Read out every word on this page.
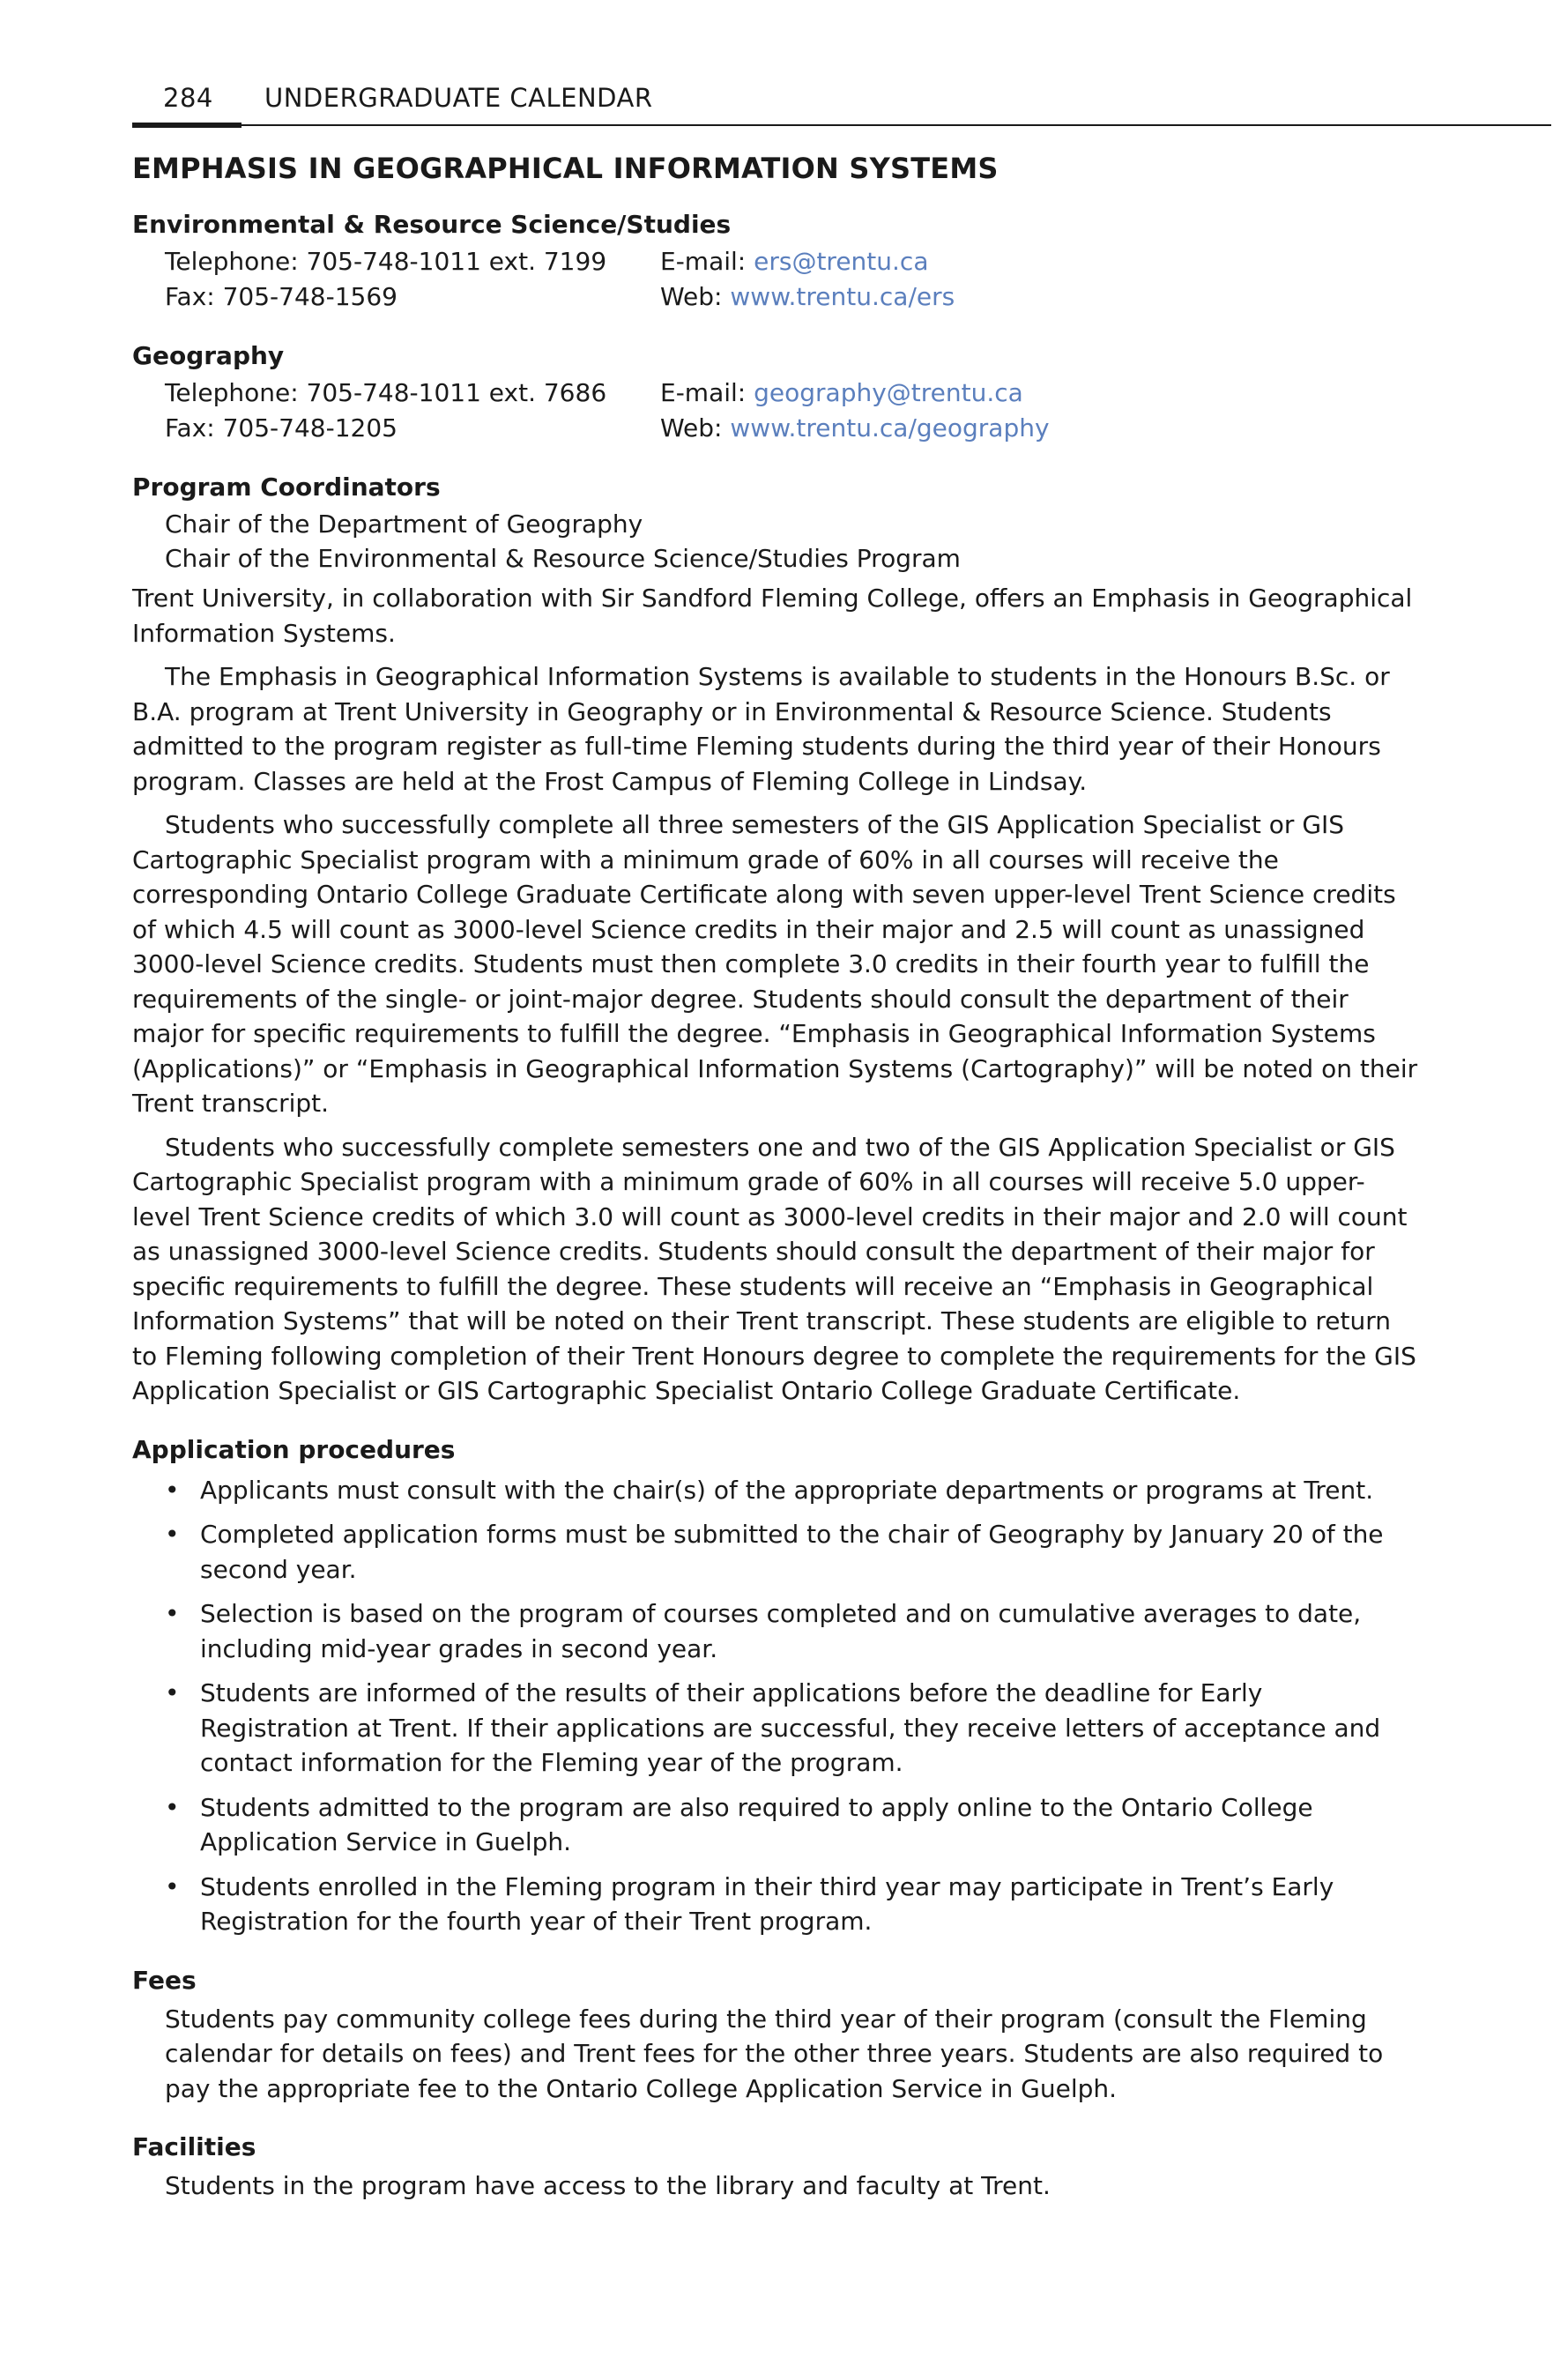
284 UNDERGRADUATE CALENDAR
EMPHASIS IN GEOGRAPHICAL INFORMATION SYSTEMS
Environmental & Resource Science/Studies
Telephone: 705-748-1011 ext. 7199	E-mail: ers@trentu.ca
Fax: 705-748-1569	Web: www.trentu.ca/ers
Geography
Telephone: 705-748-1011 ext. 7686	E-mail: geography@trentu.ca
Fax: 705-748-1205	Web: www.trentu.ca/geography
Program Coordinators
Chair of the Department of Geography
Chair of the Environmental & Resource Science/Studies Program

Trent University, in collaboration with Sir Sandford Fleming College, offers an Emphasis in Geographical Information Systems.

The Emphasis in Geographical Information Systems is available to students in the Honours B.Sc. or B.A. program at Trent University in Geography or in Environmental & Resource Science. Students admitted to the program register as full-time Fleming students during the third year of their Honours program. Classes are held at the Frost Campus of Fleming College in Lindsay.

Students who successfully complete all three semesters of the GIS Application Specialist or GIS Cartographic Specialist program with a minimum grade of 60% in all courses will receive the corresponding Ontario College Graduate Certificate along with seven upper-level Trent Science credits of which 4.5 will count as 3000-level Science credits in their major and 2.5 will count as unassigned 3000-level Science credits. Students must then complete 3.0 credits in their fourth year to fulfill the requirements of the single- or joint-major degree. Students should consult the department of their major for specific requirements to fulfill the degree. “Emphasis in Geographical Information Systems (Applications)” or “Emphasis in Geographical Information Systems (Cartography)” will be noted on their Trent transcript.

Students who successfully complete semesters one and two of the GIS Application Specialist or GIS Cartographic Specialist program with a minimum grade of 60% in all courses will receive 5.0 upper-level Trent Science credits of which 3.0 will count as 3000-level credits in their major and 2.0 will count as unassigned 3000-level Science credits. Students should consult the department of their major for specific requirements to fulfill the degree. These students will receive an “Emphasis in Geographical Information Systems” that will be noted on their Trent transcript. These students are eligible to return to Fleming following completion of their Trent Honours degree to complete the requirements for the GIS Application Specialist or GIS Cartographic Specialist Ontario College Graduate Certificate.

Application procedures
• Applicants must consult with the chair(s) of the appropriate departments or programs at Trent.
• Completed application forms must be submitted to the chair of Geography by January 20 of the second year.
• Selection is based on the program of courses completed and on cumulative averages to date, including mid-year grades in second year.
• Students are informed of the results of their applications before the deadline for Early Registration at Trent. If their applications are successful, they receive letters of acceptance and contact information for the Fleming year of the program.
• Students admitted to the program are also required to apply online to the Ontario College Application Service in Guelph.
• Students enrolled in the Fleming program in their third year may participate in Trent’s Early Registration for the fourth year of their Trent program.
Fees
Students pay community college fees during the third year of their program (consult the Fleming calendar for details on fees) and Trent fees for the other three years. Students are also required to pay the appropriate fee to the Ontario College Application Service in Guelph.
Facilities
Students in the program have access to the library and faculty at Trent.
